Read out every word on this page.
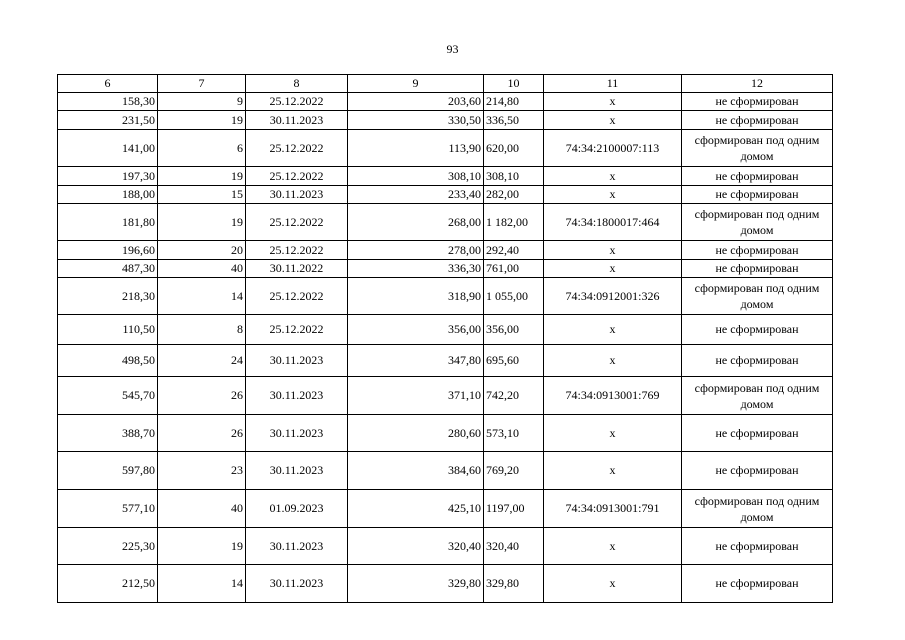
93
6	7	8	9	10	11	12
158,30	9	25.12.2022	203,60	214,80	х	не сформирован
231,50	19	30.11.2023	330,50	336,50	х	не сформирован
141,00	6	25.12.2022	113,90	620,00	74:34:2100007:113	сформирован под одним домом
197,30	19	25.12.2022	308,10	308,10	х	не сформирован
188,00	15	30.11.2023	233,40	282,00	х	не сформирован
181,80	19	25.12.2022	268,00	1 182,00	74:34:1800017:464	сформирован под одним домом
196,60	20	25.12.2022	278,00	292,40	х	не сформирован
487,30	40	30.11.2022	336,30	761,00	х	не сформирован
218,30	14	25.12.2022	318,90	1 055,00	74:34:0912001:326	сформирован под одним домом
110,50	8	25.12.2022	356,00	356,00	х	не сформирован
498,50	24	30.11.2023	347,80	695,60	х	не сформирован
545,70	26	30.11.2023	371,10	742,20	74:34:0913001:769	сформирован под одним домом
388,70	26	30.11.2023	280,60	573,10	х	не сформирован
597,80	23	30.11.2023	384,60	769,20	х	не сформирован
577,10	40	01.09.2023	425,10	1197,00	74:34:0913001:791	сформирован под одним домом
225,30	19	30.11.2023	320,40	320,40	х	не сформирован
212,50	14	30.11.2023	329,80	329,80	х	не сформирован
